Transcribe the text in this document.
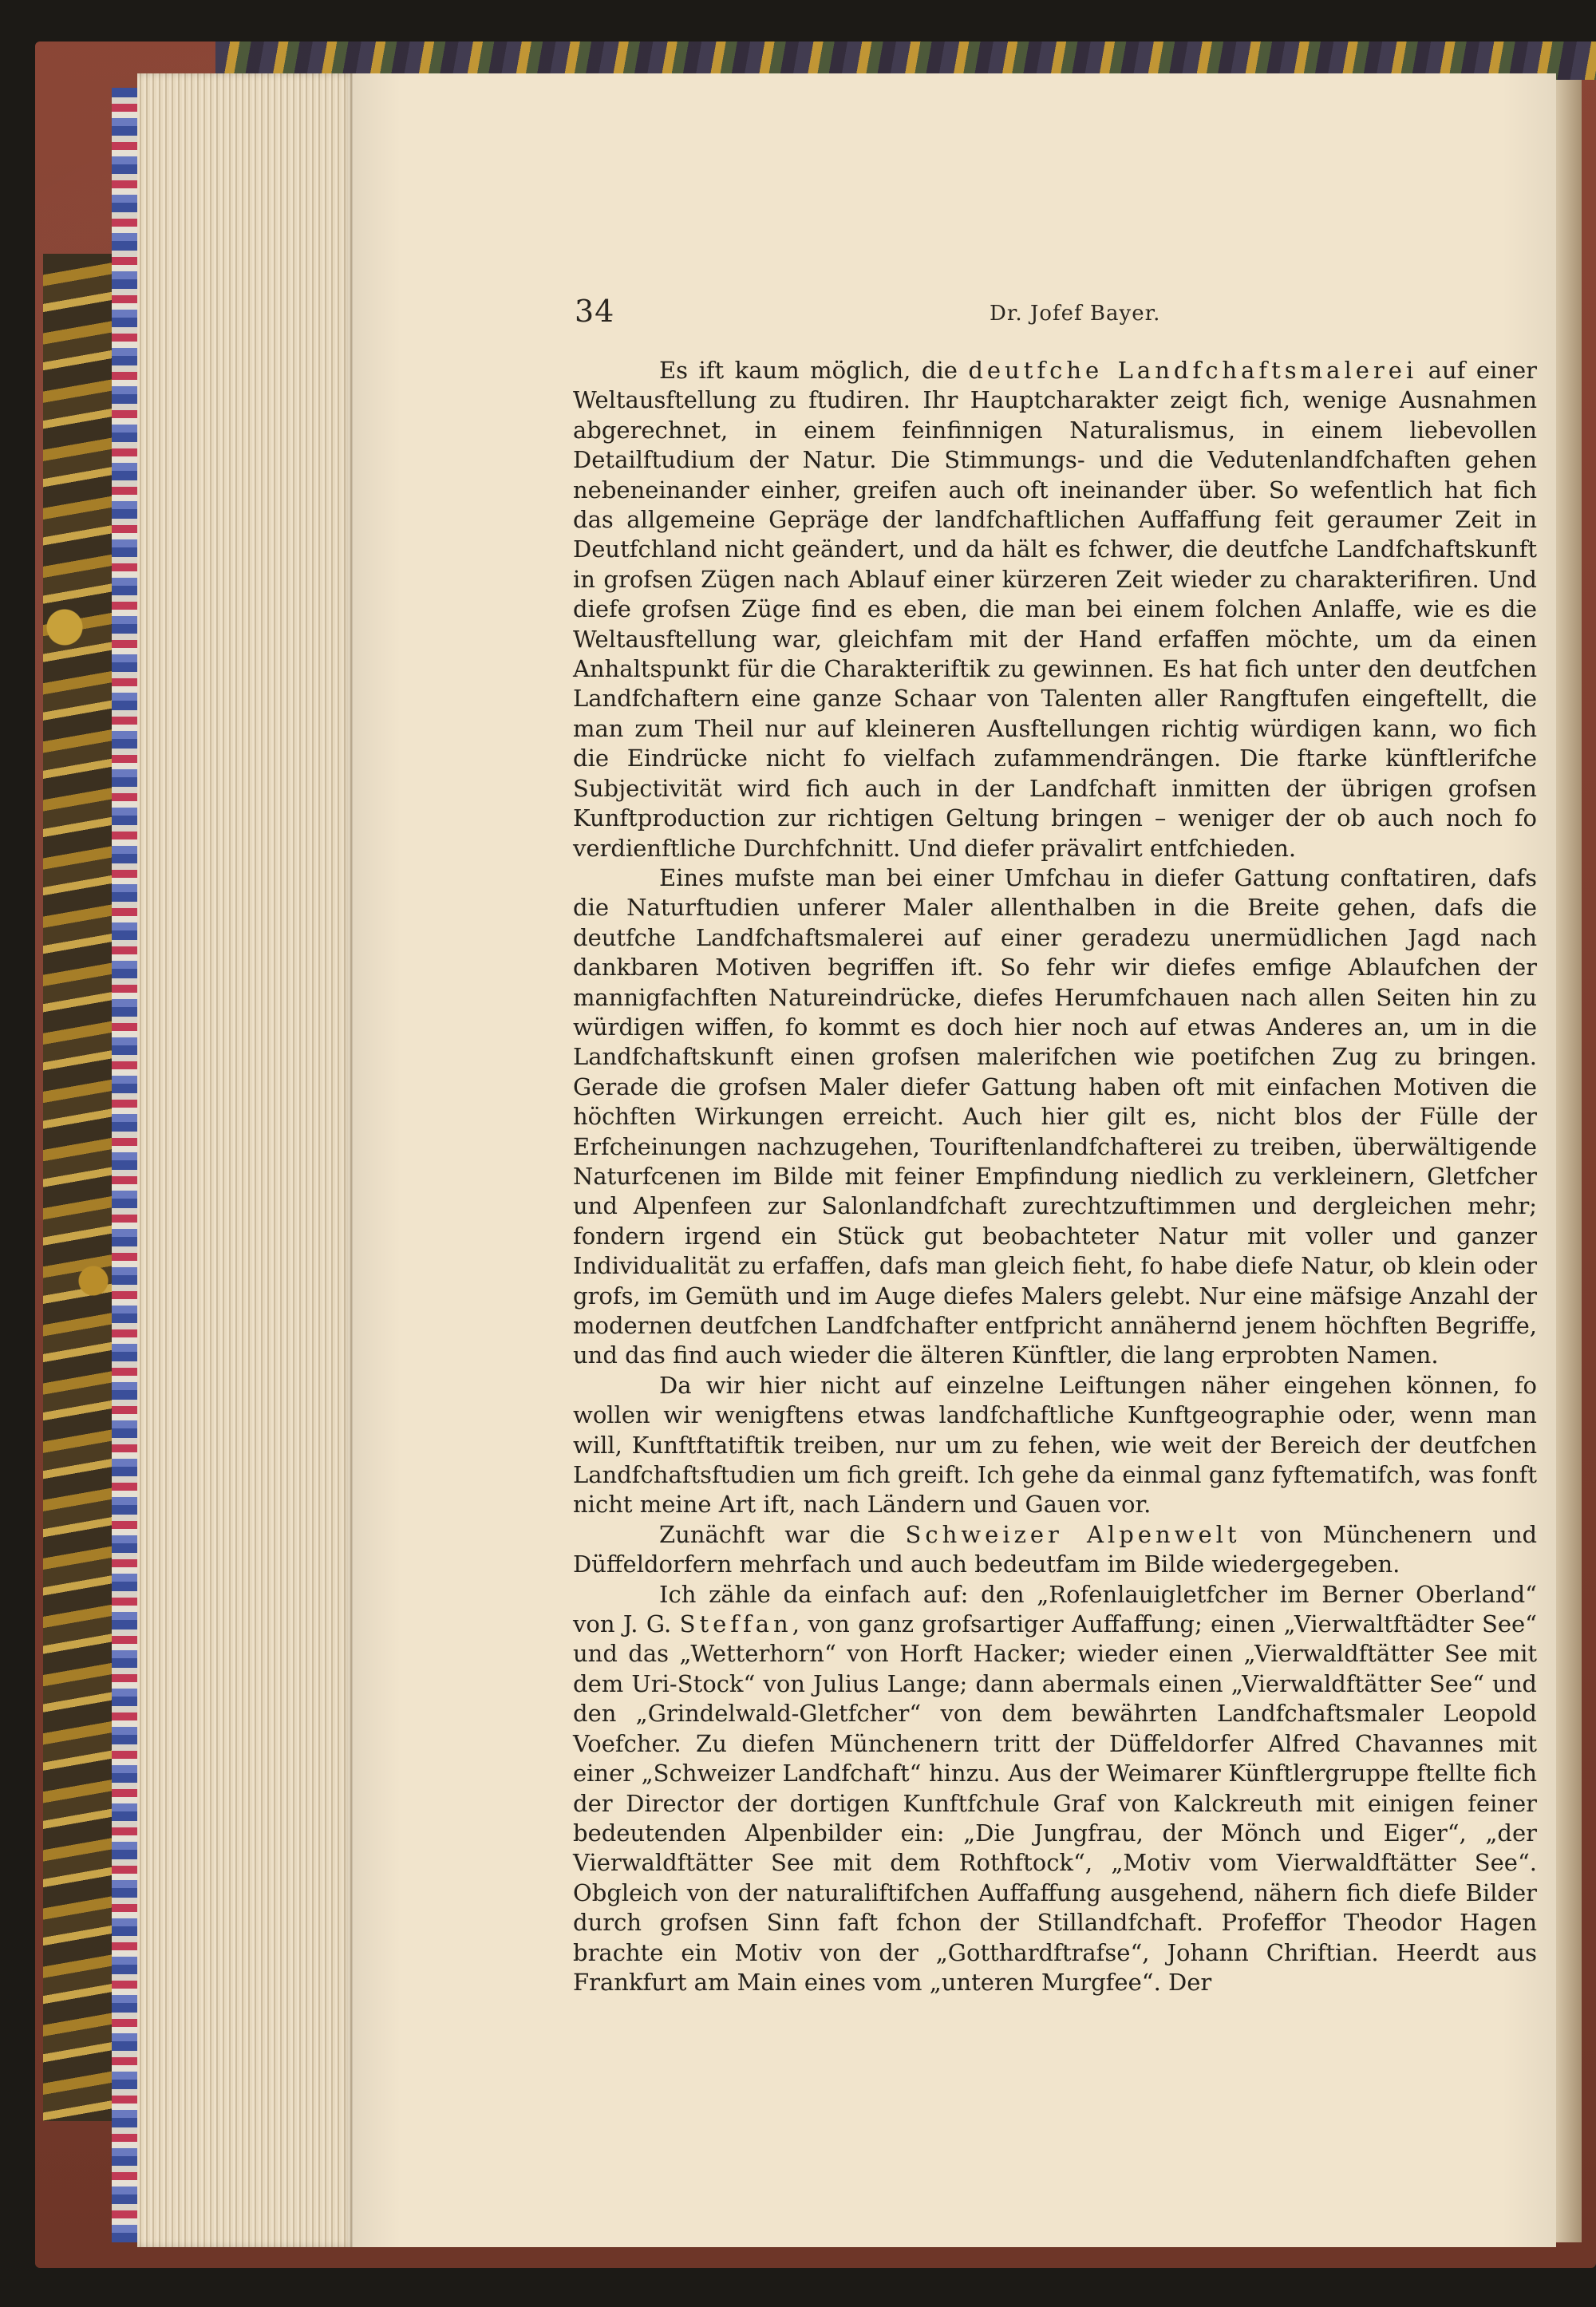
34	Dr. Jofef Bayer.

Es ift kaum möglich, die deutfche Landfchaftsmalerei auf einer Weltausftellung zu ftudiren. Ihr Hauptcharakter zeigt fich, wenige Ausnahmen abgerechnet, in einem feinfinnigen Naturalismus, in einem liebevollen Detailftudium der Natur. Die Stimmungs- und die Vedutenlandfchaften gehen nebeneinander einher, greifen auch oft ineinander über. So wefentlich hat fich das allgemeine Gepräge der landfchaftlichen Auffaffung feit geraumer Zeit in Deutfchland nicht geändert, und da hält es fchwer, die deutfche Landfchaftskunft in grofsen Zügen nach Ablauf einer kürzeren Zeit wieder zu charakterifiren. Und diefe grofsen Züge find es eben, die man bei einem folchen Anlaffe, wie es die Weltausftellung war, gleichfam mit der Hand erfaffen möchte, um da einen Anhaltspunkt für die Charakteriftik zu gewinnen. Es hat fich unter den deutfchen Landfchaftern eine ganze Schaar von Talenten aller Rangftufen eingeftellt, die man zum Theil nur auf kleineren Ausftellungen richtig würdigen kann, wo fich die Eindrücke nicht fo vielfach zufammendrängen. Die ftarke künftlerifche Subjectivität wird fich auch in der Landfchaft inmitten der übrigen grofsen Kunftproduction zur richtigen Geltung bringen – weniger der ob auch noch fo verdienftliche Durchfchnitt. Und diefer prävalirt entfchieden.

Eines mufste man bei einer Umfchau in diefer Gattung conftatiren, dafs die Naturftudien unferer Maler allenthalben in die Breite gehen, dafs die deutfche Landfchaftsmalerei auf einer geradezu unermüdlichen Jagd nach dankbaren Motiven begriffen ift. So fehr wir diefes emfige Ablaufchen der mannigfachften Natureindrücke, diefes Herumfchauen nach allen Seiten hin zu würdigen wiffen, fo kommt es doch hier noch auf etwas Anderes an, um in die Landfchaftskunft einen grofsen malerifchen wie poetifchen Zug zu bringen. Gerade die grofsen Maler diefer Gattung haben oft mit einfachen Motiven die höchften Wirkungen erreicht. Auch hier gilt es, nicht blos der Fülle der Erfcheinungen nachzugehen, Touriftenlandfchafterei zu treiben, überwältigende Naturfcenen im Bilde mit feiner Empfindung niedlich zu verkleinern, Gletfcher und Alpenfeen zur Salonlandfchaft zurechtzuftimmen und dergleichen mehr; fondern irgend ein Stück gut beobachteter Natur mit voller und ganzer Individualität zu erfaffen, dafs man gleich fieht, fo habe diefe Natur, ob klein oder grofs, im Gemüth und im Auge diefes Malers gelebt. Nur eine mäfsige Anzahl der modernen deutfchen Landfchafter entfpricht annähernd jenem höchften Begriffe, und das find auch wieder die älteren Künftler, die lang erprobten Namen.

Da wir hier nicht auf einzelne Leiftungen näher eingehen können, fo wollen wir wenigftens etwas landfchaftliche Kunftgeographie oder, wenn man will, Kunftftatiftik treiben, nur um zu fehen, wie weit der Bereich der deutfchen Landfchaftsftudien um fich greift. Ich gehe da einmal ganz fyftematifch, was fonft nicht meine Art ift, nach Ländern und Gauen vor.

Zunächft war die Schweizer Alpenwelt von Münchenern und Düffeldorfern mehrfach und auch bedeutfam im Bilde wiedergegeben.

Ich zähle da einfach auf: den „Rofenlauigletfcher im Berner Oberland“ von J. G. Steffan, von ganz grofsartiger Auffaffung; einen „Vierwaltftädter See“ und das „Wetterhorn“ von Horft Hacker; wieder einen „Vierwaldftätter See mit dem Uri-Stock“ von Julius Lange; dann abermals einen „Vierwaldftätter See“ und den „Grindelwald-Gletfcher“ von dem bewährten Landfchaftsmaler Leopold Voefcher. Zu diefen Münchenern tritt der Düffeldorfer Alfred Chavannes mit einer „Schweizer Landfchaft“ hinzu. Aus der Weimarer Künftlergruppe ftellte fich der Director der dortigen Kunftfchule Graf von Kalckreuth mit einigen feiner bedeutenden Alpenbilder ein: „Die Jungfrau, der Mönch und Eiger“, „der Vierwaldftätter See mit dem Rothftock“, „Motiv vom Vierwaldftätter See“. Obgleich von der naturaliftifchen Auffaffung ausgehend, nähern fich diefe Bilder durch grofsen Sinn faft fchon der Stillandfchaft. Profeffor Theodor Hagen brachte ein Motiv von der „Gotthardftrafse“, Johann Chriftian. Heerdt aus Frankfurt am Main eines vom „unteren Murgfee“. Der
